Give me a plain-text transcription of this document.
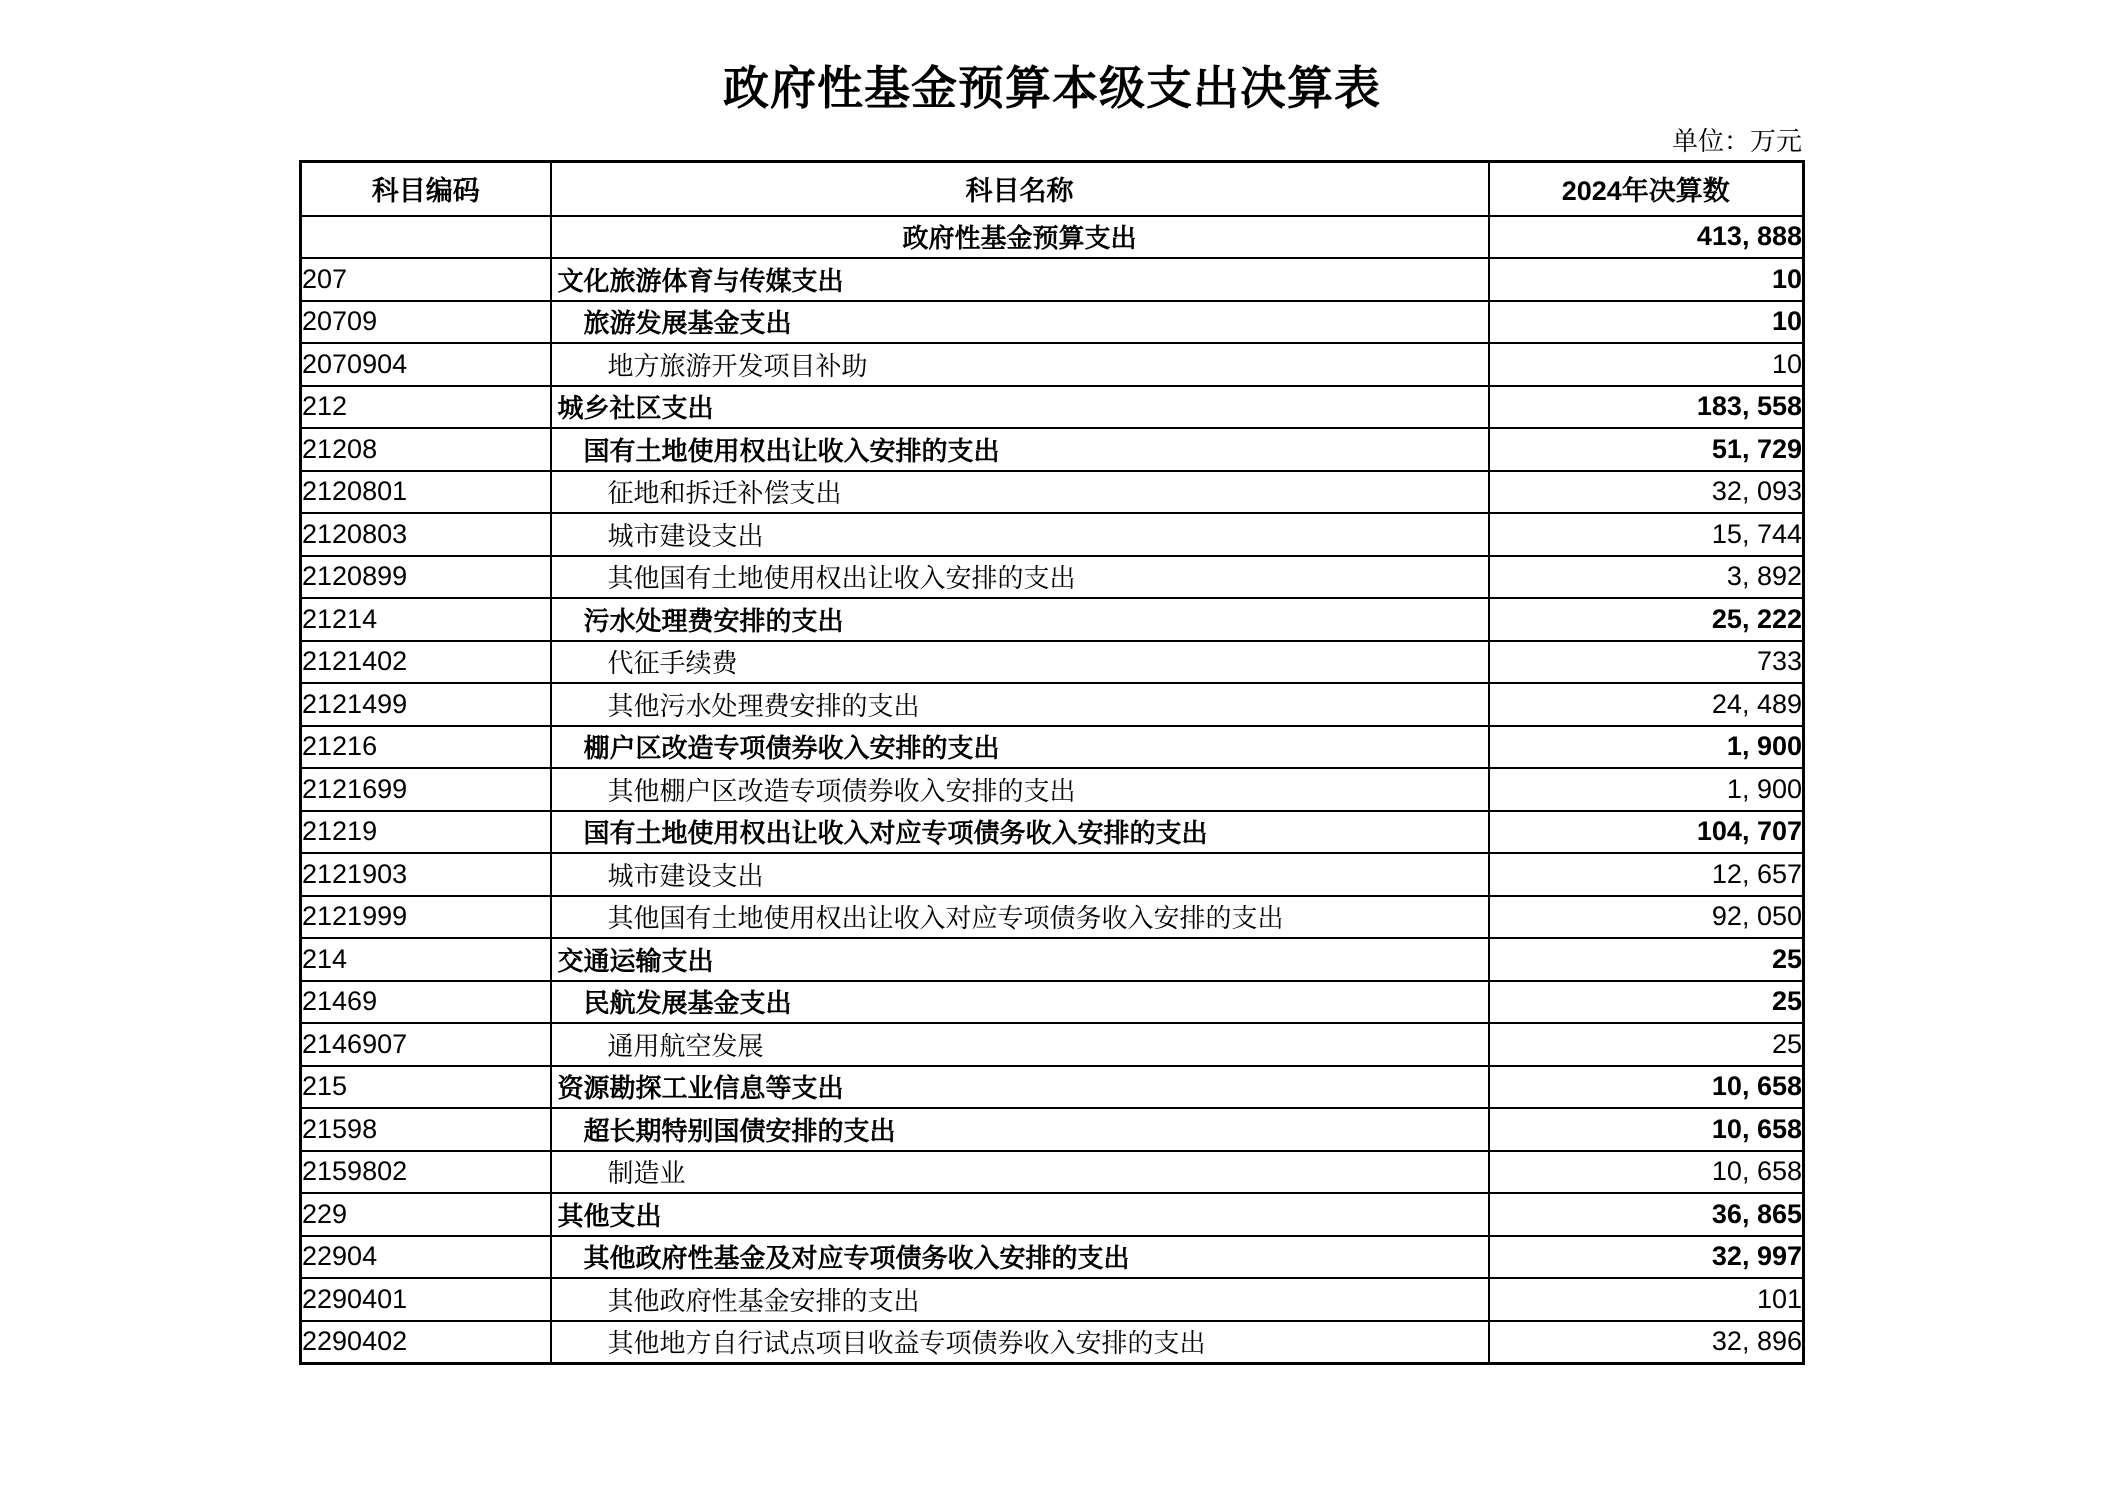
政府性基金预算本级支出决算表
单位：万元
科目编码	科目名称	2024年决算数
	政府性基金预算支出	413, 888
207	文化旅游体育与传媒支出	10
20709	旅游发展基金支出	10
2070904	地方旅游开发项目补助	10
212	城乡社区支出	183, 558
21208	国有土地使用权出让收入安排的支出	51, 729
2120801	征地和拆迁补偿支出	32, 093
2120803	城市建设支出	15, 744
2120899	其他国有土地使用权出让收入安排的支出	3, 892
21214	污水处理费安排的支出	25, 222
2121402	代征手续费	733
2121499	其他污水处理费安排的支出	24, 489
21216	棚户区改造专项债券收入安排的支出	1, 900
2121699	其他棚户区改造专项债券收入安排的支出	1, 900
21219	国有土地使用权出让收入对应专项债务收入安排的支出	104, 707
2121903	城市建设支出	12, 657
2121999	其他国有土地使用权出让收入对应专项债务收入安排的支出	92, 050
214	交通运输支出	25
21469	民航发展基金支出	25
2146907	通用航空发展	25
215	资源勘探工业信息等支出	10, 658
21598	超长期特别国债安排的支出	10, 658
2159802	制造业	10, 658
229	其他支出	36, 865
22904	其他政府性基金及对应专项债务收入安排的支出	32, 997
2290401	其他政府性基金安排的支出	101
2290402	其他地方自行试点项目收益专项债券收入安排的支出	32, 896
